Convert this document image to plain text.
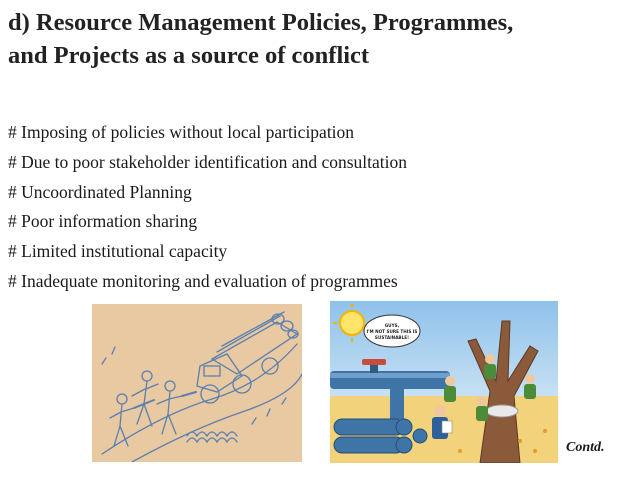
d) Resource Management Policies, Programmes,
and Projects as a source of conflict
# Imposing of policies without local participation
# Due to poor stakeholder identification and consultation
# Uncoordinated Planning
# Poor information sharing
# Limited institutional capacity
# Inadequate monitoring and evaluation of programmes
GUYS,
I'M NOT SURE THIS IS
SUSTAINABLE!
Contd.
